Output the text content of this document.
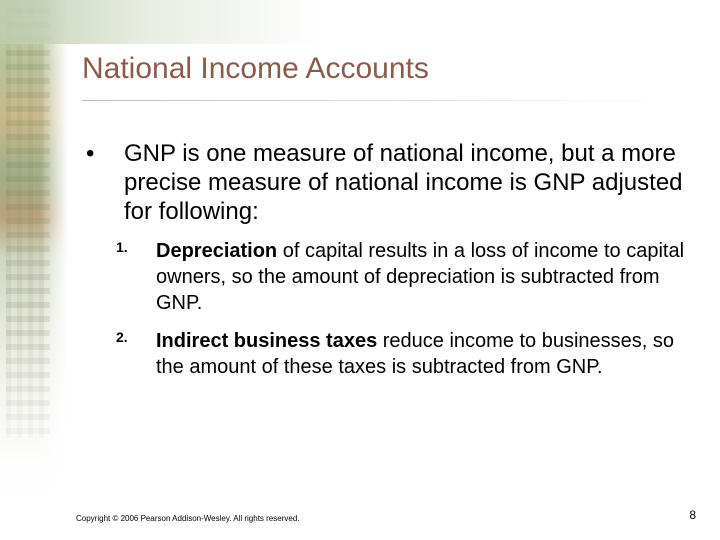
National Income Accounts
• GNP is one measure of national income, but a more precise measure of national income is GNP adjusted for following:

1. Depreciation of capital results in a loss of income to capital owners, so the amount of depreciation is subtracted from GNP.

2. Indirect business taxes reduce income to businesses, so the amount of these taxes is subtracted from GNP.

Copyright © 2006 Pearson Addison-Wesley. All rights reserved.	8
